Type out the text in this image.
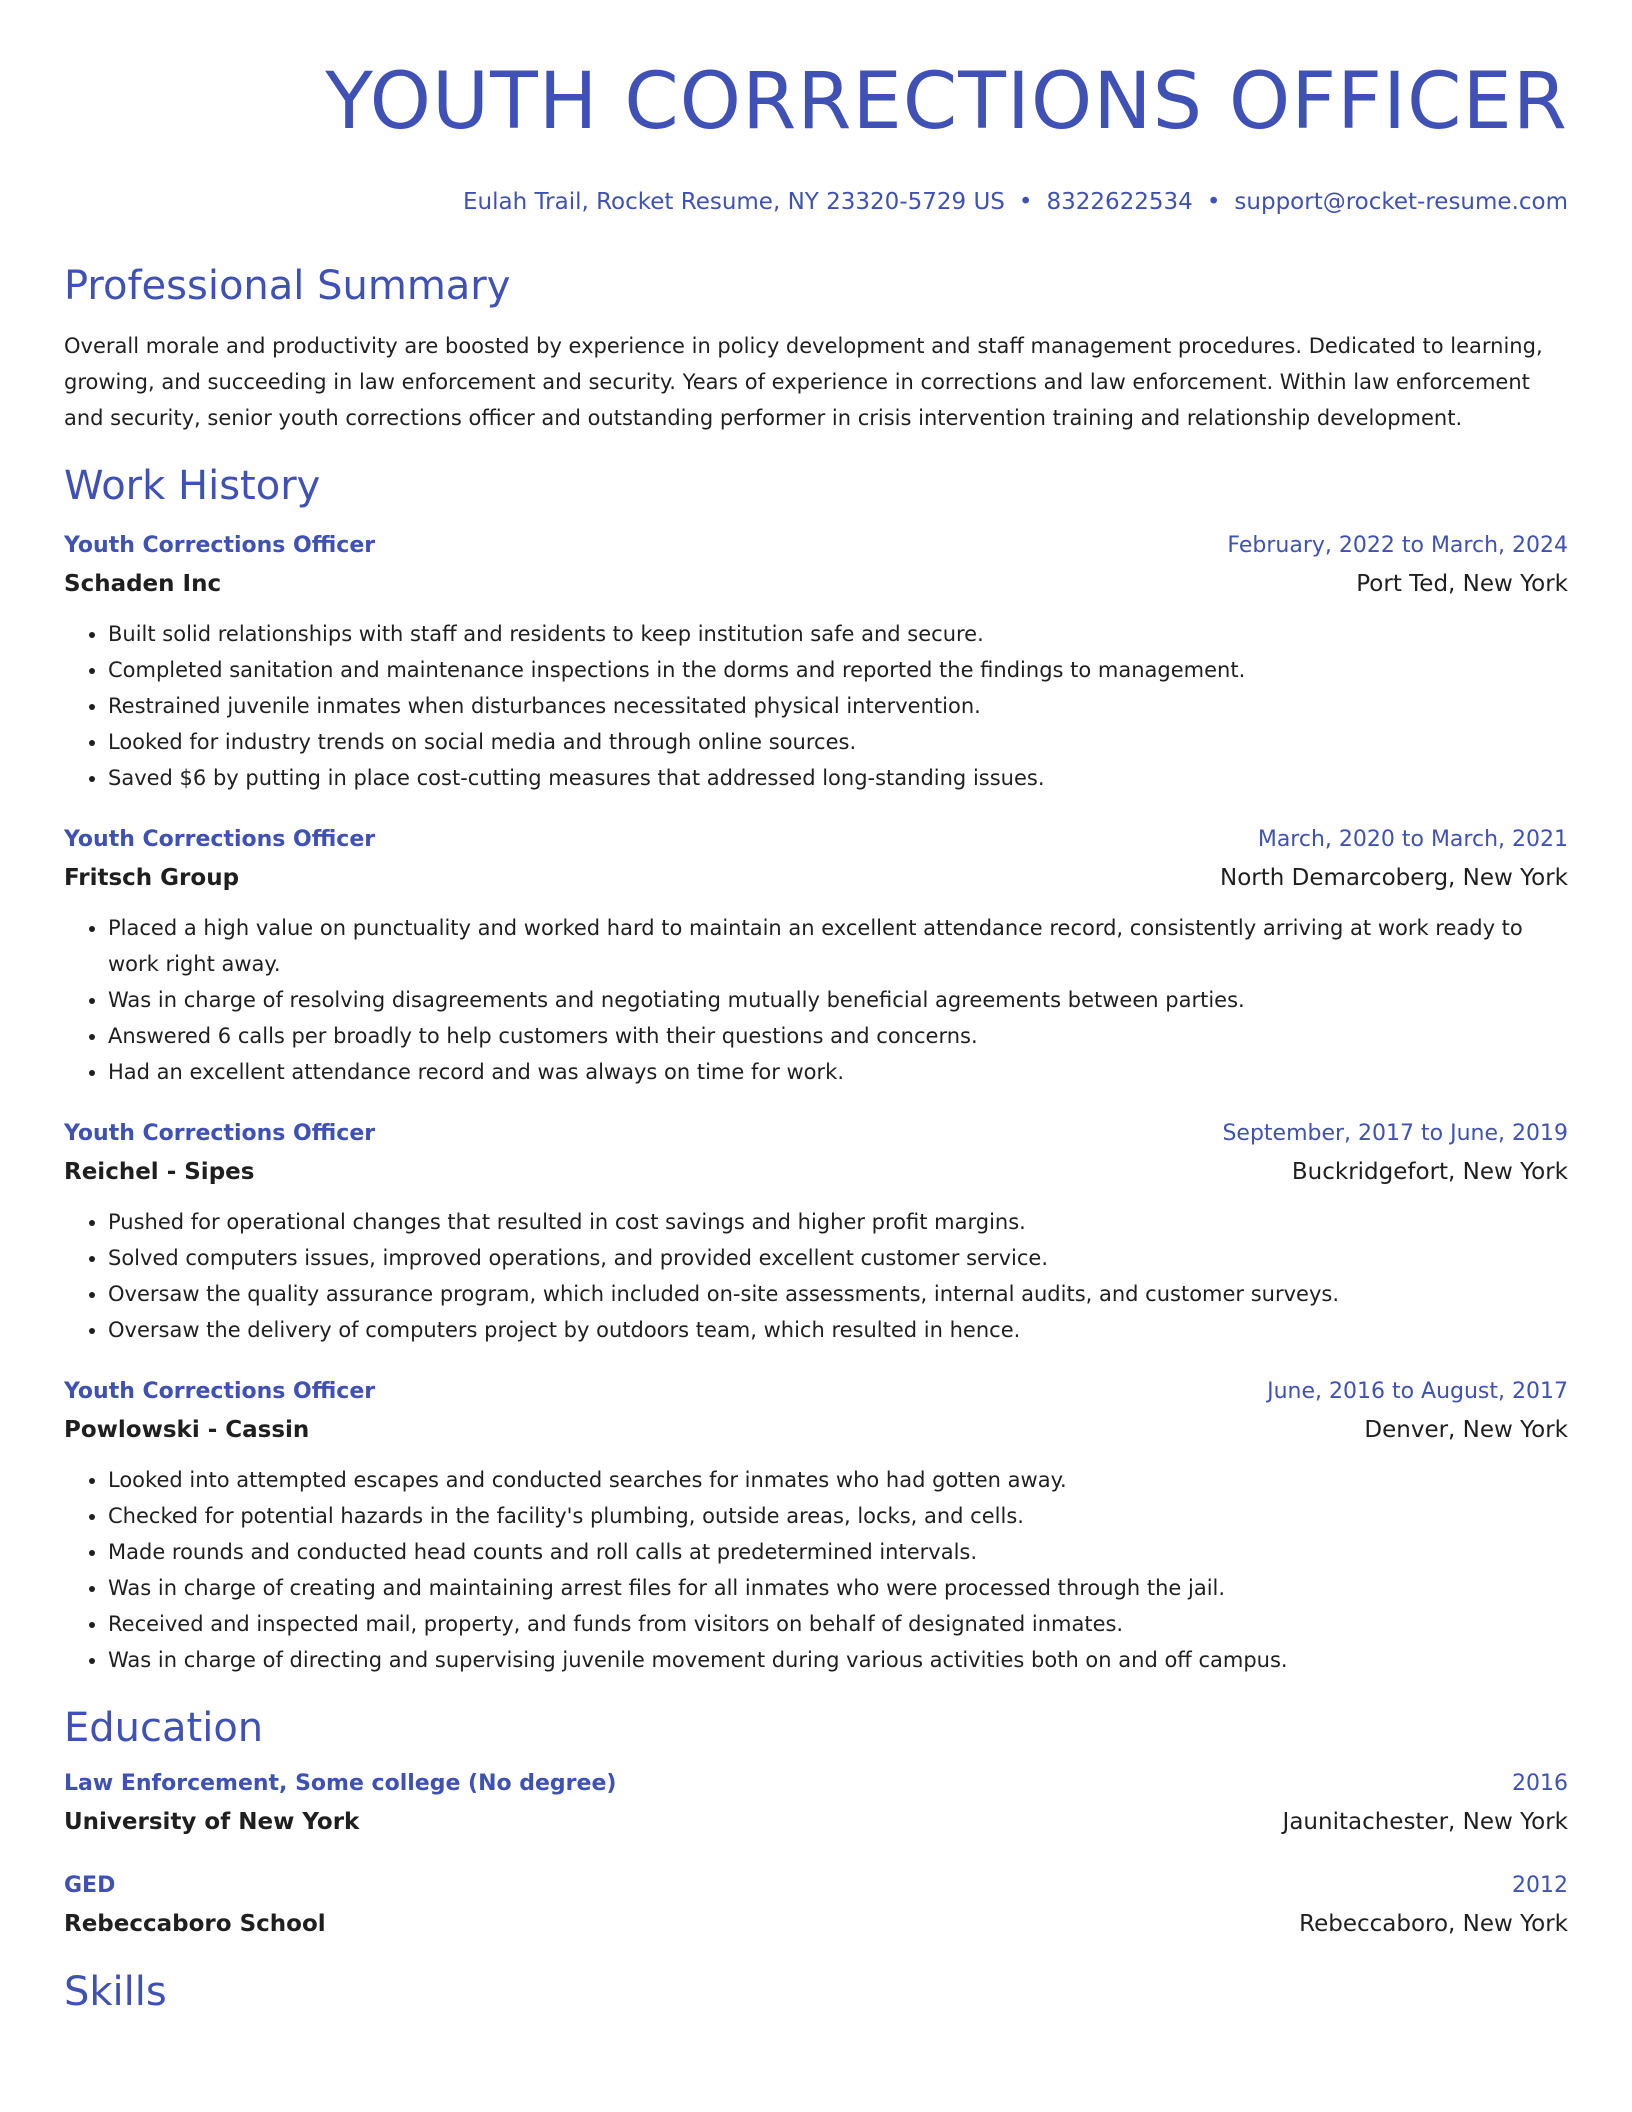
YOUTH CORRECTIONS OFFICER
Eulah Trail, Rocket Resume, NY 23320-5729 US • 8322622534 • support@rocket-resume.com
Professional Summary
Overall morale and productivity are boosted by experience in policy development and staff management procedures. Dedicated to learning, growing, and succeeding in law enforcement and security. Years of experience in corrections and law enforcement. Within law enforcement and security, senior youth corrections officer and outstanding performer in crisis intervention training and relationship development.
Work History
Youth Corrections Officer	February, 2022 to March, 2024
Schaden Inc	Port Ted, New York
• Built solid relationships with staff and residents to keep institution safe and secure.
• Completed sanitation and maintenance inspections in the dorms and reported the findings to management.
• Restrained juvenile inmates when disturbances necessitated physical intervention.
• Looked for industry trends on social media and through online sources.
• Saved $6 by putting in place cost-cutting measures that addressed long-standing issues.
Youth Corrections Officer	March, 2020 to March, 2021
Fritsch Group	North Demarcoberg, New York
• Placed a high value on punctuality and worked hard to maintain an excellent attendance record, consistently arriving at work ready to work right away.
• Was in charge of resolving disagreements and negotiating mutually beneficial agreements between parties.
• Answered 6 calls per broadly to help customers with their questions and concerns.
• Had an excellent attendance record and was always on time for work.
Youth Corrections Officer	September, 2017 to June, 2019
Reichel - Sipes	Buckridgefort, New York
• Pushed for operational changes that resulted in cost savings and higher profit margins.
• Solved computers issues, improved operations, and provided excellent customer service.
• Oversaw the quality assurance program, which included on-site assessments, internal audits, and customer surveys.
• Oversaw the delivery of computers project by outdoors team, which resulted in hence.
Youth Corrections Officer	June, 2016 to August, 2017
Powlowski - Cassin	Denver, New York
• Looked into attempted escapes and conducted searches for inmates who had gotten away.
• Checked for potential hazards in the facility's plumbing, outside areas, locks, and cells.
• Made rounds and conducted head counts and roll calls at predetermined intervals.
• Was in charge of creating and maintaining arrest files for all inmates who were processed through the jail.
• Received and inspected mail, property, and funds from visitors on behalf of designated inmates.
• Was in charge of directing and supervising juvenile movement during various activities both on and off campus.
Education
Law Enforcement, Some college (No degree)	2016
University of New York	Jaunitachester, New York
GED	2012
Rebeccaboro School	Rebeccaboro, New York
Skills
